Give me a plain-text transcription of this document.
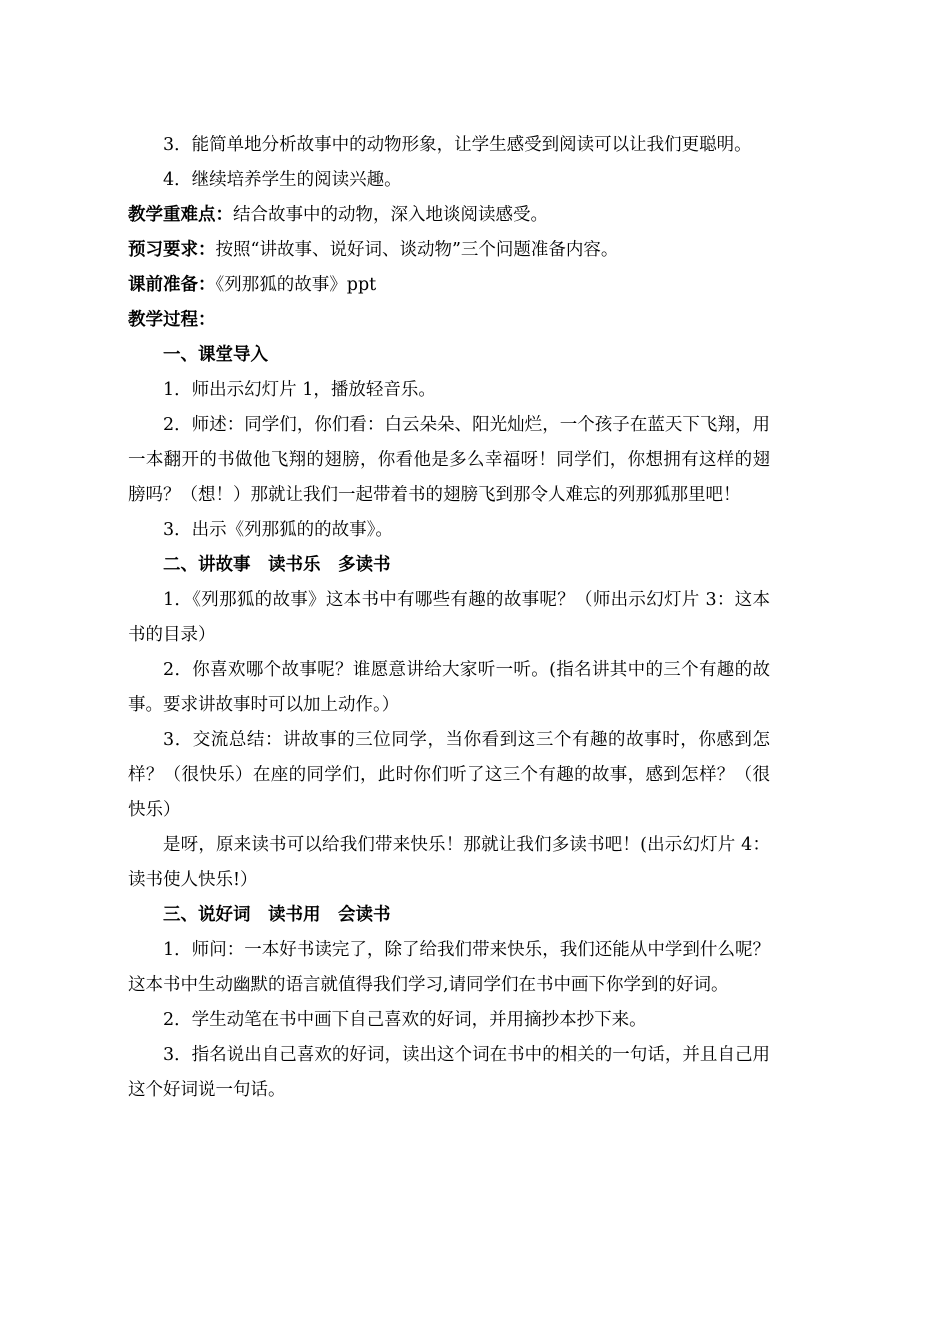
3．能简单地分析故事中的动物形象，让学生感受到阅读可以让我们更聪明。

4．继续培养学生的阅读兴趣。

教学重难点：结合故事中的动物，深入地谈阅读感受。

预习要求：按照“讲故事、说好词、谈动物”三个问题准备内容。

课前准备：《列那狐的故事》ppt

教学过程：

一、课堂导入

1．师出示幻灯片 1，播放轻音乐。

2．师述：同学们，你们看：白云朵朵、阳光灿烂，一个孩子在蓝天下飞翔，用一本翻开的书做他飞翔的翅膀，你看他是多么幸福呀！同学们，你想拥有这样的翅膀吗？（想！）那就让我们一起带着书的翅膀飞到那令人难忘的列那狐那里吧！

3．出示《列那狐的的故事》。

二、讲故事　读书乐　多读书

1．《列那狐的故事》这本书中有哪些有趣的故事呢？（师出示幻灯片 3：这本书的目录）

2．你喜欢哪个故事呢？谁愿意讲给大家听一听。(指名讲其中的三个有趣的故事。要求讲故事时可以加上动作。）

3．交流总结：讲故事的三位同学，当你看到这三个有趣的故事时，你感到怎样？（很快乐）在座的同学们，此时你们听了这三个有趣的故事，感到怎样？（很快乐）

是呀，原来读书可以给我们带来快乐！那就让我们多读书吧！(出示幻灯片 4：读书使人快乐!）

三、说好词　读书用　会读书

1．师问：一本好书读完了，除了给我们带来快乐，我们还能从中学到什么呢？这本书中生动幽默的语言就值得我们学习,请同学们在书中画下你学到的好词。

2．学生动笔在书中画下自己喜欢的好词，并用摘抄本抄下来。

3．指名说出自己喜欢的好词，读出这个词在书中的相关的一句话，并且自己用这个好词说一句话。
